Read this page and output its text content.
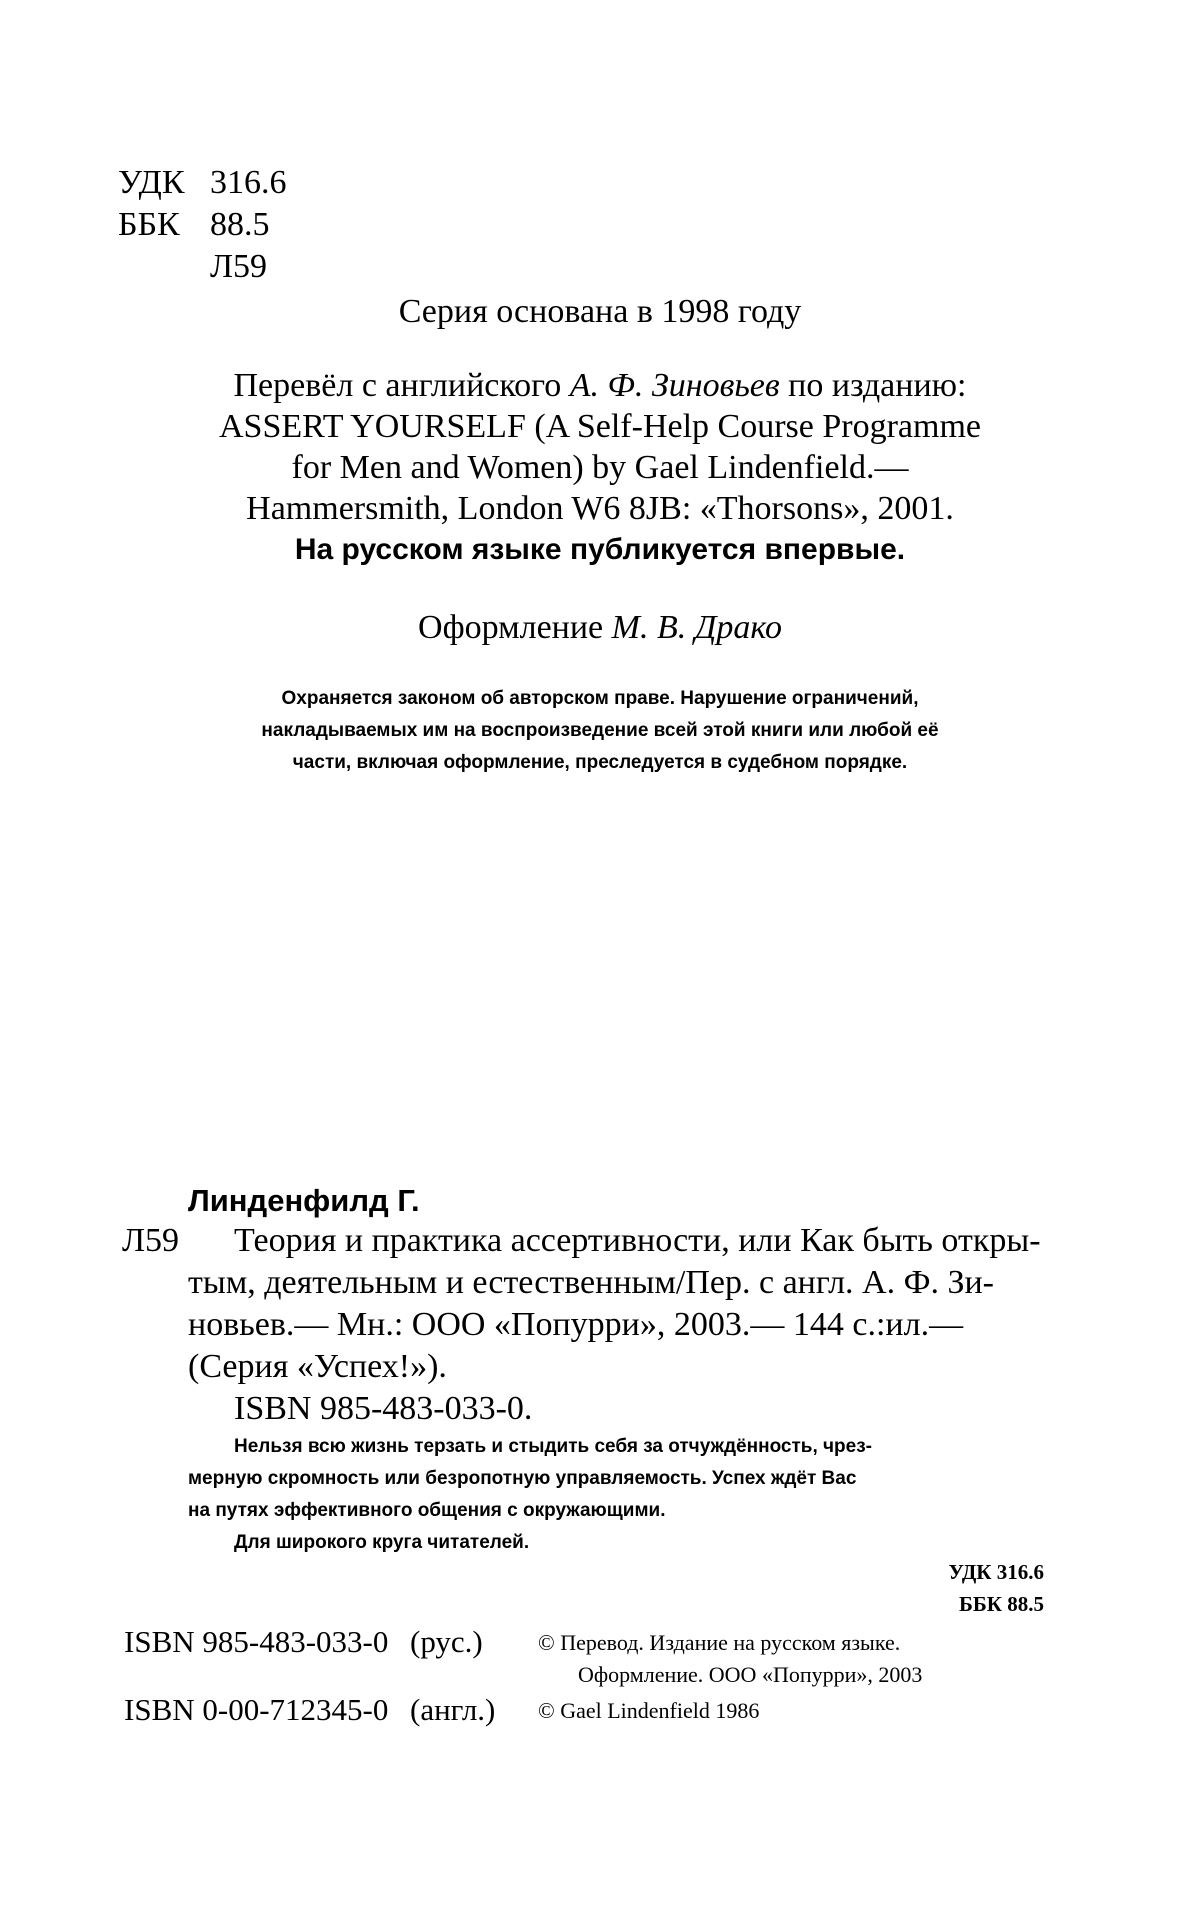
УДК 316.6
ББК 88.5
Л59
Серия основана в 1998 году
Перевёл с английского А. Ф. Зиновьев по изданию:
ASSERT YOURSELF (A Self-Help Course Programme
for Men and Women) by Gael Lindenfield.—
Hammersmith, London W6 8JB: «Thorsons», 2001.
На русском языке публикуется впервые.
Оформление М. В. Драко
Охраняется законом об авторском праве. Нарушение ограничений,
накладываемых им на воспроизведение всей этой книги или любой её
части, включая оформление, преследуется в судебном порядке.
Линденфилд Г.
Л59 Теория и практика ассертивности, или Как быть откры-
тым, деятельным и естественным/Пер. с англ. А. Ф. Зи-
новьев.— Мн.: ООО «Попурри», 2003.— 144 с.:ил.—
(Серия «Успех!»).
ISBN 985-483-033-0.
Нельзя всю жизнь терзать и стыдить себя за отчуждённость, чрез-
мерную скромность или безропотную управляемость. Успех ждёт Вас
на путях эффективного общения с окружающими.
Для широкого круга читателей.
УДК 316.6
ББК 88.5
ISBN 985-483-033-0 (рус.)	© Перевод. Издание на русском языке.
Оформление. ООО «Попурри», 2003
ISBN 0-00-712345-0 (англ.) © Gael Lindenfield 1986
